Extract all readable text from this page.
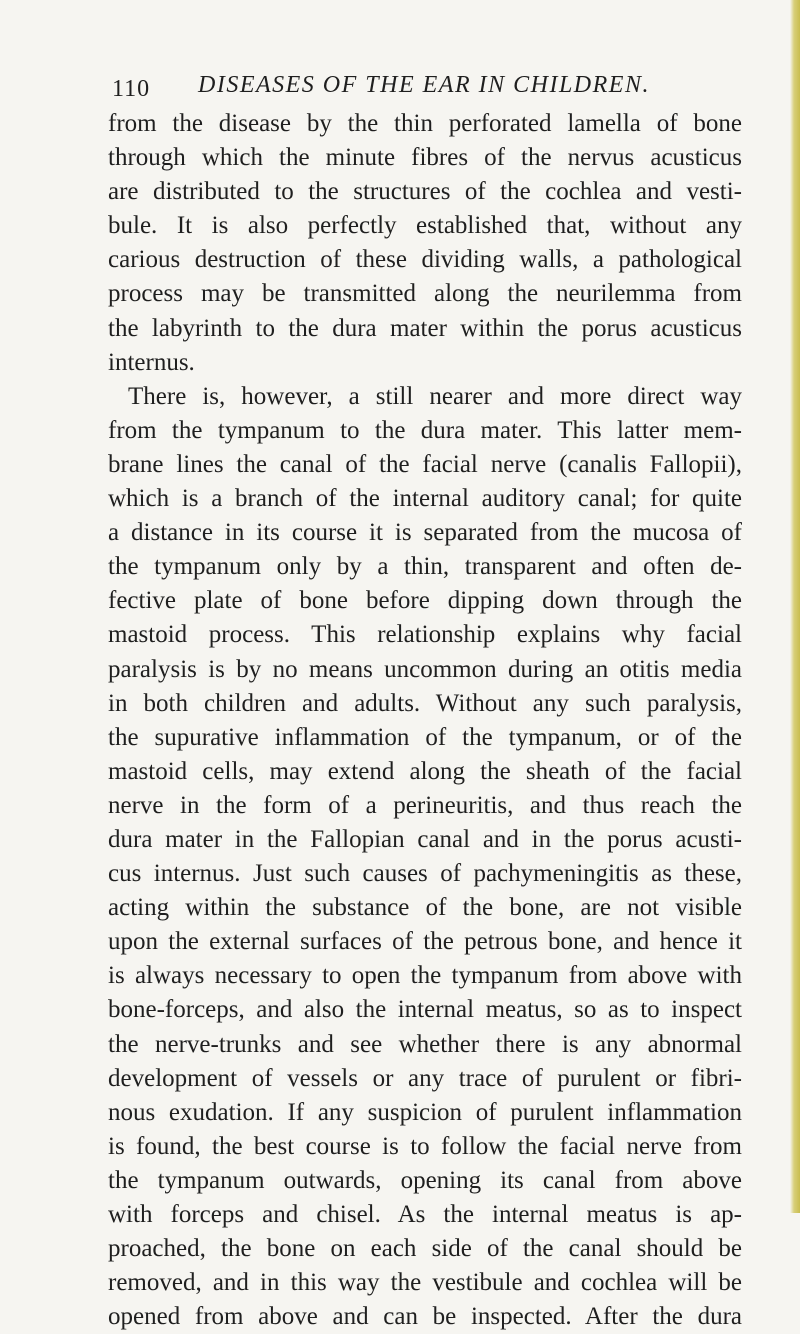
110 DISEASES OF THE EAR IN CHILDREN.
from the disease by the thin perforated lamella of bone
through which the minute fibres of the nervus acusticus
are distributed to the structures of the cochlea and vesti-
bule. It is also perfectly established that, without any
carious destruction of these dividing walls, a pathological
process may be transmitted along the neurilemma from
the labyrinth to the dura mater within the porus acusticus
internus.
There is, however, a still nearer and more direct way
from the tympanum to the dura mater. This latter mem-
brane lines the canal of the facial nerve (canalis Fallopii),
which is a branch of the internal auditory canal; for quite
a distance in its course it is separated from the mucosa of
the tympanum only by a thin, transparent and often de-
fective plate of bone before dipping down through the
mastoid process. This relationship explains why facial
paralysis is by no means uncommon during an otitis media
in both children and adults. Without any such paralysis,
the supurative inflammation of the tympanum, or of the
mastoid cells, may extend along the sheath of the facial
nerve in the form of a perineuritis, and thus reach the
dura mater in the Fallopian canal and in the porus acusti-
cus internus. Just such causes of pachymeningitis as these,
acting within the substance of the bone, are not visible
upon the external surfaces of the petrous bone, and hence it
is always necessary to open the tympanum from above with
bone-forceps, and also the internal meatus, so as to inspect
the nerve-trunks and see whether there is any abnormal
development of vessels or any trace of purulent or fibri-
nous exudation. If any suspicion of purulent inflammation
is found, the best course is to follow the facial nerve from
the tympanum outwards, opening its canal from above
with forceps and chisel. As the internal meatus is ap-
proached, the bone on each side of the canal should be
removed, and in this way the vestibule and cochlea will be
opened from above and can be inspected. After the dura
